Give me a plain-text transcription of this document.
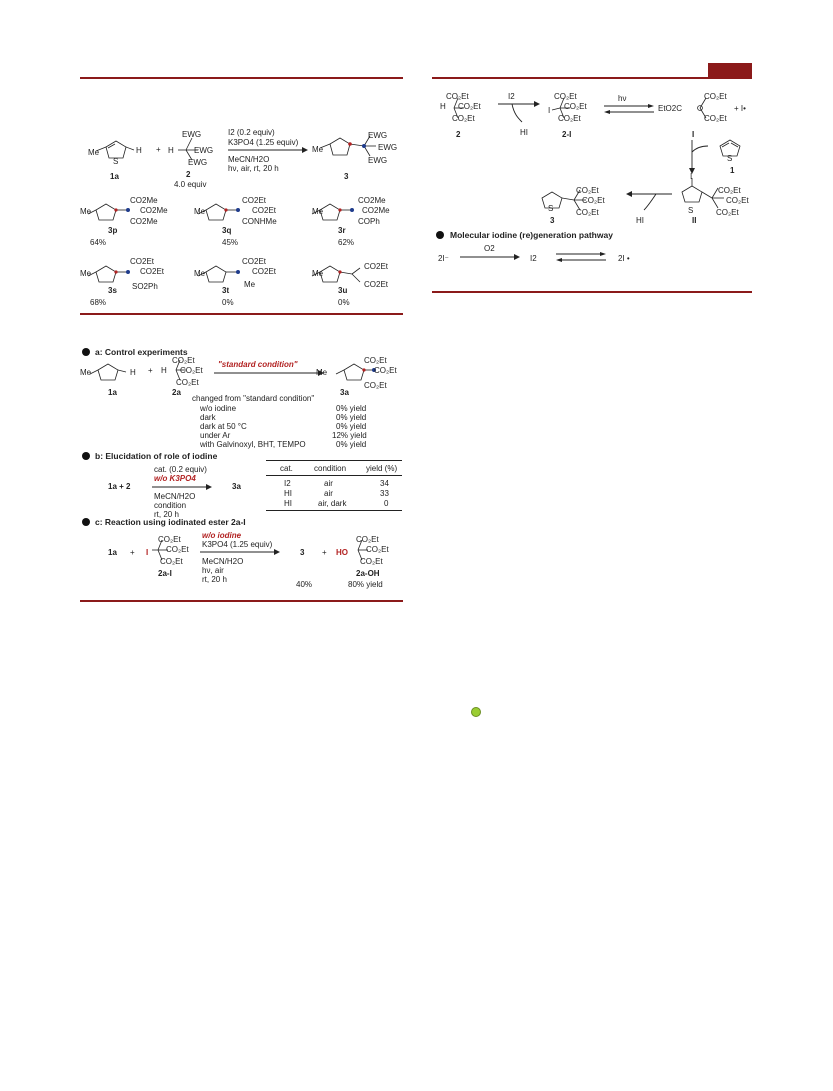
Me
S
H
1a
+
EWG
EWG
EWG
H
2
4.0 equiv
I2 (0.2 equiv)
K3PO4 (1.25 equiv)
MeCN/H2O
hν, air, rt, 20 h
Me
EWG
EWG
EWG
3
Me
CO2Me
CO2Me
CO2Me
3p
64%
Me
CO2Et
CO2Et
CONHMe
3q
45%
Me
CO2Me
CO2Me
COPh
3r
62%
Me
CO2Et
CO2Et
SO2Ph
3s
68%
Me
CO2Et
CO2Et
Me
3t
0%
Me
CO2Et
CO2Et
3u
0%
a: Control experiments
Me	H
1a
+
CO₂Et
CO₂Et
CO₂Et
H
2a
"standard condition"
Me
CO₂Et
CO₂Et
CO₂Et
3a
changed from "standard condition"
w/o iodine	0% yield
dark	0% yield
dark at 50 °C	0% yield
under Ar	12% yield
with Galvinoxyl, BHT, TEMPO	0% yield
b: Elucidation of role of iodine
1a + 2
cat. (0.2 equiv)
w/o K3PO4
MeCN/H2O
condition
rt, 20 h
3a
cat.	condition yield (%)
I2	air	34
HI	air	33
HI	air, dark	0
c: Reaction using iodinated ester 2a-I
1a + I
CO₂Et
CO₂Et
CO₂Et
2a-I
w/o iodine
K3PO4 (1.25 equiv)
MeCN/H2O
hν, air
rt, 20 h
3 + HO
CO₂Et
CO₂Et
CO₂Et
2a-OH
40%	80% yield
CO₂Et
CO₂Et
CO₂Et
H
2
I2
HI
CO₂Et
CO₂Et
CO₂Et
I
2-I
hν
⇌ EtO2C
CO₂Et
CO₂Et
+ I•
I
S
1
I
S
CO₂Et
CO₂Et
CO₂Et
II
HI
S
CO₂Et
CO₂Et
CO₂Et
3
Molecular iodine (re)generation pathway
2I⁻
O2
→ I2 ⇌ 2I •
